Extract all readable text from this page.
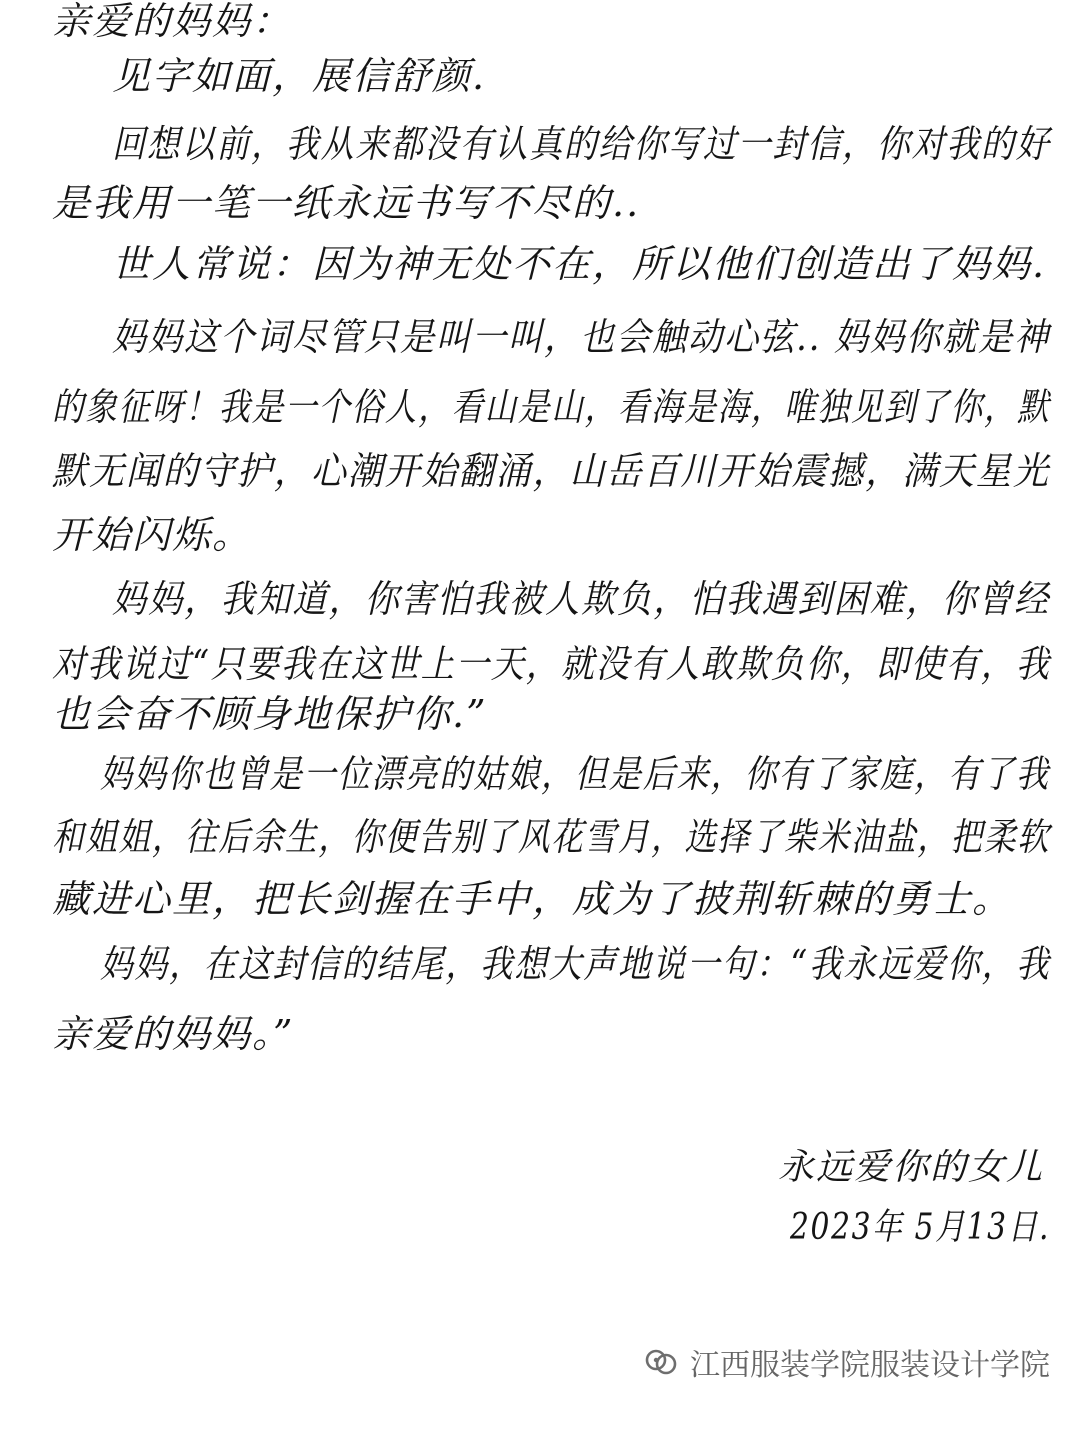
亲爱的妈妈：
见字如面，展信舒颜.
回想以前，我从来都没有认真的给你写过一封信，你对我的好
是我用一笔一纸永远书写不尽的..
世人常说：因为神无处不在，所以他们创造出了妈妈.
妈妈这个词尽管只是叫一叫，也会触动心弦.. 妈妈你就是神
的象征呀！我是一个俗人，看山是山，看海是海，唯独见到了你，默
默无闻的守护，心潮开始翻涌，山岳百川开始震撼，满天星光
开始闪烁。
妈妈，我知道，你害怕我被人欺负，怕我遇到困难，你曾经
对我说过“只要我在这世上一天，就没有人敢欺负你，即使有，我
也会奋不顾身地保护你.”
妈妈你也曾是一位漂亮的姑娘，但是后来，你有了家庭，有了我
和姐姐，往后余生，你便告别了风花雪月，选择了柴米油盐，把柔软
藏进心里，把长剑握在手中，成为了披荆斩棘的勇士。
妈妈，在这封信的结尾，我想大声地说一句：“我永远爱你，我
亲爱的妈妈。”
永远爱你的女儿
2023年 5月13日.
江西服装学院服装设计学院
